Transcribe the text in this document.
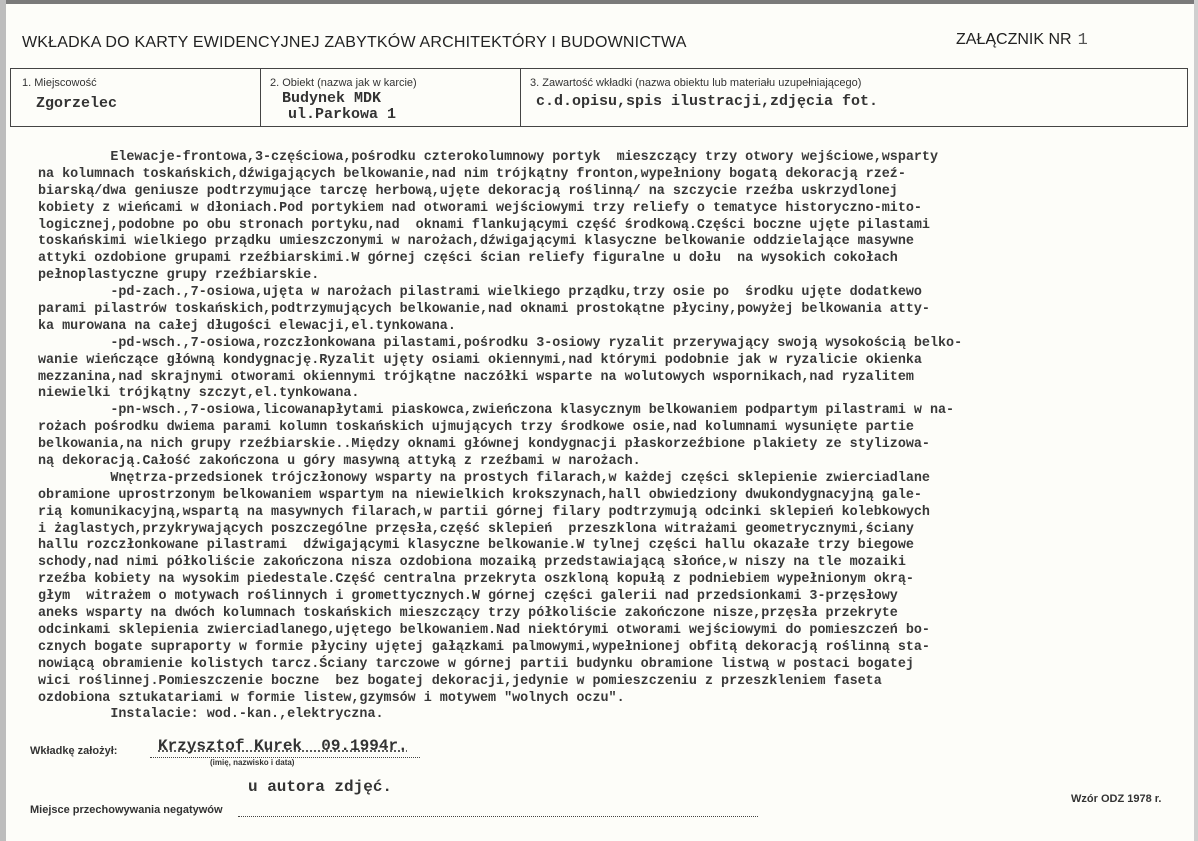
WKŁADKA DO KARTY EWIDENCYJNEJ ZABYTKÓW ARCHITEKTÓRY I BUDOWNICTWA	ZAŁĄCZNIK NR 1
1. Miejscowość
Zgorzelec
2. Obiekt (nazwa jak w karcie)
Budynek MDK
ul.Parkowa 1
3. Zawartość wkładki (nazwa obiektu lub materiału uzupełniającego)
c.d.opisu,spis ilustracji,zdjęcia fot.
Elewacje-frontowa,3-częściowa,pośrodku czterokolumnowy portyk  mieszczący trzy otwory wejściowe,wsparty
na kolumnach toskańskich,dźwigających belkowanie,nad nim trójkątny fronton,wypełniony bogatą dekoracją rzeź-
biarską/dwa geniusze podtrzymujące tarczę herbową,ujęte dekoracją roślinną/ na szczycie rzeźba uskrzydlonej
kobiety z wieńcami w dłoniach.Pod portykiem nad otworami wejściowymi trzy reliefy o tematyce historyczno-mito-
logicznej,podobne po obu stronach portyku,nad  oknami flankującymi część środkową.Części boczne ujęte pilastami
toskańskimi wielkiego prządku umieszczonymi w narożach,dźwigającymi klasyczne belkowanie oddzielające masywne
attyki ozdobione grupami rzeźbiarskimi.W górnej części ścian reliefy figuralne u dołu  na wysokich cokołach
pełnoplastyczne grupy rzeźbiarskie.
-pd-zach.,7-osiowa,ujęta w narożach pilastrami wielkiego prządku,trzy osie po  środku ujęte dodatkewo
parami pilastrów toskańskich,podtrzymujących belkowanie,nad oknami prostokątne płyciny,powyżej belkowania atty-
ka murowana na całej długości elewacji,el.tynkowana.
-pd-wsch.,7-osiowa,rozczłonkowana pilastami,pośrodku 3-osiowy ryzalit przerywający swoją wysokością belko-
wanie wieńczące główną kondygnację.Ryzalit ujęty osiami okiennymi,nad którymi podobnie jak w ryzalicie okienka
mezzanina,nad skrajnymi otworami okiennymi trójkątne naczółki wsparte na wolutowych wspornikach,nad ryzalitem
niewielki trójkątny szczyt,el.tynkowana.
-pn-wsch.,7-osiowa,licowanapłytami piaskowca,zwieńczona klasycznym belkowaniem podpartym pilastrami w na-
rożach pośrodku dwiema parami kolumn toskańskich ujmujących trzy środkowe osie,nad kolumnami wysunięte partie
belkowania,na nich grupy rzeźbiarskie..Między oknami głównej kondygnacji płaskorzeźbione plakiety ze stylizowa-
ną dekoracją.Całość zakończona u góry masywną attyką z rzeźbami w narożach.
Wnętrza-przedsionek trójczłonowy wsparty na prostych filarach,w każdej części sklepienie zwierciadlane
obramione uprostrzonym belkowaniem wspartym na niewielkich krokszynach,hall obwiedziony dwukondygnacyjną gale-
rią komunikacyjną,wspartą na masywnych filarach,w partii górnej filary podtrzymują odcinki sklepień kolebkowych
i żaglastych,przykrywających poszczególne przęsła,część sklepień  przeszklona witrażami geometrycznymi,ściany
hallu rozczłonkowane pilastrami  dźwigającymi klasyczne belkowanie.W tylnej części hallu okazałe trzy biegowe
schody,nad nimi półkoliście zakończona nisza ozdobiona mozaiką przedstawiającą słońce,w niszy na tle mozaiki
rzeźba kobiety na wysokim piedestale.Część centralna przekryta oszkloną kopułą z podniebiem wypełnionym okrą-
głym  witrażem o motywach roślinnych i gromettycznych.W górnej części galerii nad przedsionkami 3-przęsłowy
aneks wsparty na dwóch kolumnach toskańskich mieszczący trzy półkoliście zakończone nisze,przęsła przekryte
odcinkami sklepienia zwierciadlanego,ujętego belkowaniem.Nad niektórymi otworami wejściowymi do pomieszczeń bo-
cznych bogate supraporty w formie płyciny ujętej gałązkami palmowymi,wypełnionej obfitą dekoracją roślinną sta-
nowiącą obramienie kolistych tarcz.Ściany tarczowe w górnej partii budynku obramione listwą w postaci bogatej
wici roślinnej.Pomieszczenie boczne  bez bogatej dekoracji,jedynie w pomieszczeniu z przeszkleniem faseta
ozdobiona sztukatariami w formie listew,gzymsów i motywem "wolnych oczu".
Instalacie: wod.-kan.,elektryczna.
Wkładkę założył:	Krzysztof Kurek  09.1994r.
(imię, nazwisko i data)
u autora zdjęć.
Miejsce przechowywania negatywów
Wzór ODZ 1978 r.
